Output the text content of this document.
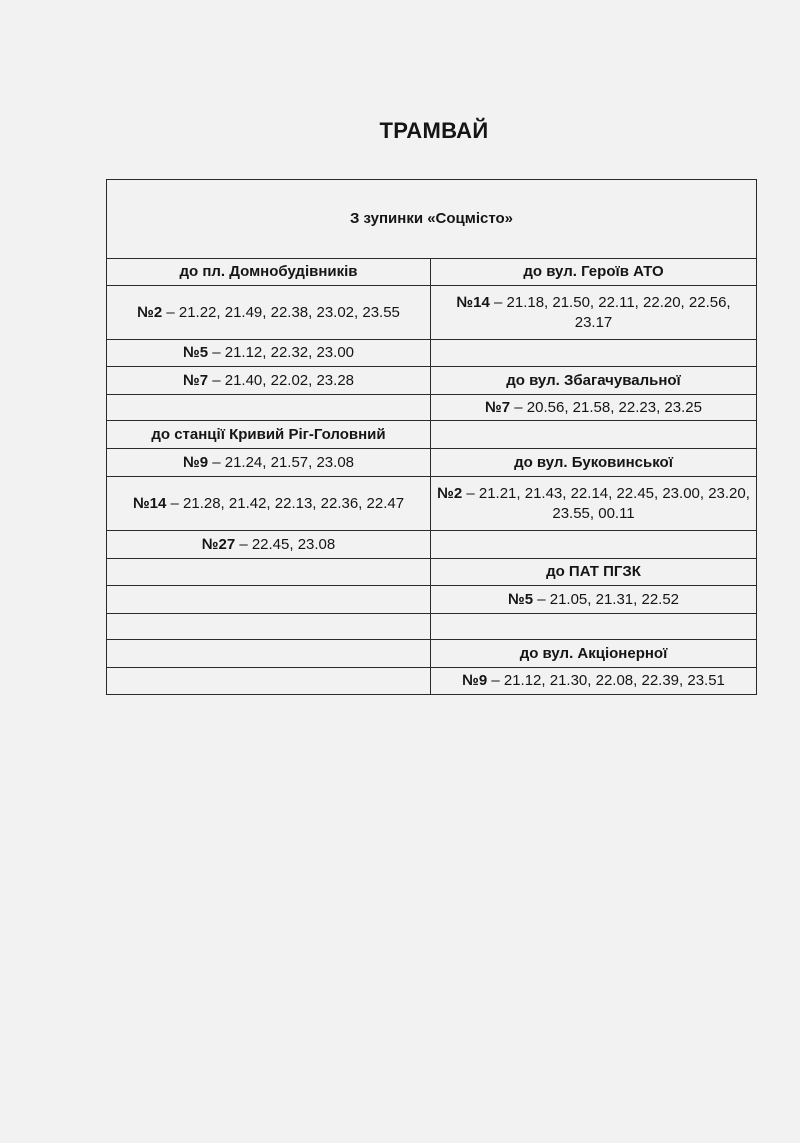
ТРАМВАЙ
З зупинки «Соцмісто»	
до пл. Домнобудівників	до вул. Героїв АТО
№2 – 21.22, 21.49, 22.38, 23.02, 23.55	№14 – 21.18, 21.50, 22.11, 22.20, 22.56, 23.17
№5 – 21.12, 22.32, 23.00	
№7 – 21.40, 22.02, 23.28	до вул. Збагачувальної
	№7 – 20.56, 21.58, 22.23, 23.25
до станції Кривий Ріг-Головний	
№9 – 21.24, 21.57, 23.08	до вул. Буковинської
№14 – 21.28, 21.42, 22.13, 22.36, 22.47	№2 – 21.21, 21.43, 22.14, 22.45, 23.00, 23.20, 23.55, 00.11
№27 – 22.45, 23.08	
	до ПАТ ПГЗК
	№5 – 21.05, 21.31, 22.52

	до вул. Акціонерної
	№9 – 21.12, 21.30, 22.08, 22.39, 23.51
